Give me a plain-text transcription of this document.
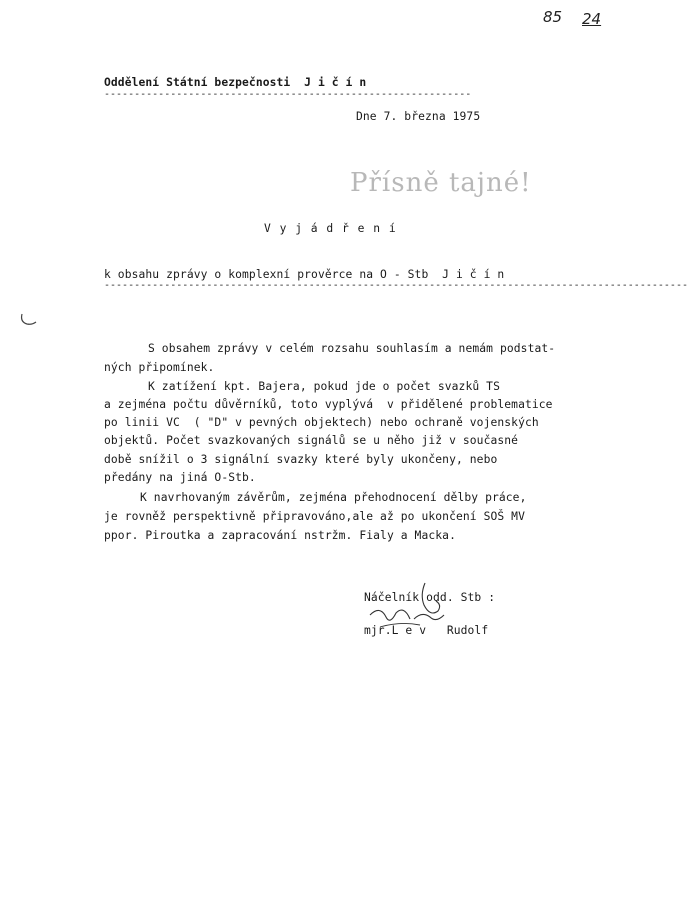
85 24
Oddělení Státní bezpečnosti  J i č í n
-------------------------------------------------------------
Dne 7. března 1975
Přísně tajné!
V y j á d ř e n í
k obsahu zprávy o komplexní prověrce na O - Stb  J i č í n
-------------------------------------------------------------------------------------------------
S obsahem zprávy v celém rozsahu souhlasím a nemám podstat-
ných připomínek.
K zatížení kpt. Bajera, pokud jde o počet svazků TS
a zejména počtu důvěrníků, toto vyplývá  v přidělené problematice
po linii VC  ( "D" v pevných objektech) nebo ochraně vojenských
objektů. Počet svazkovaných signálů se u něho již v současné
době snížil o 3 signální svazky které byly ukončeny, nebo
předány na jiná O-Stb.
K navrhovaným závěrům, zejména přehodnocení dělby práce,
je rovněž perspektivně připravováno,ale až po ukončení SOŠ MV
ppor. Piroutka a zapracování nstržm. Fialy a Macka.
Náčelník odd. Stb :
mjr.L e v   Rudolf
